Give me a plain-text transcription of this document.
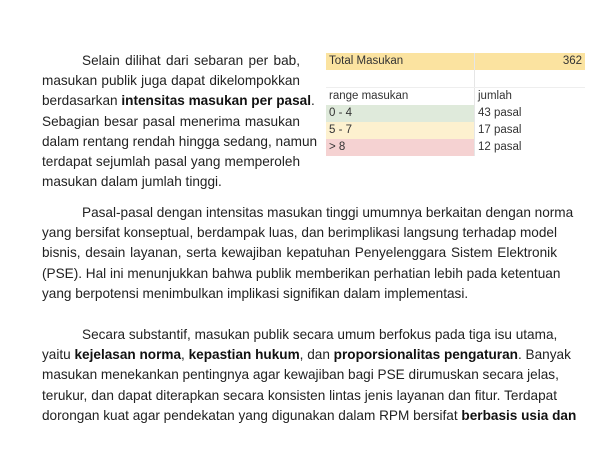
Selain dilihat dari sebaran per bab,
masukan publik juga dapat dikelompokkan
berdasarkan intensitas masukan per pasal.
Sebagian besar pasal menerima masukan
dalam rentang rendah hingga sedang, namun
terdapat sejumlah pasal yang memperoleh
masukan dalam jumlah tinggi.
Total Masukan	362
range masukan	jumlah
0 - 4	43 pasal
5 - 7	17 pasal
> 8	12 pasal
Pasal-pasal dengan intensitas masukan tinggi umumnya berkaitan dengan norma
yang bersifat konseptual, berdampak luas, dan berimplikasi langsung terhadap model
bisnis, desain layanan, serta kewajiban kepatuhan Penyelenggara Sistem Elektronik
(PSE). Hal ini menunjukkan bahwa publik memberikan perhatian lebih pada ketentuan
yang berpotensi menimbulkan implikasi signifikan dalam implementasi.
Secara substantif, masukan publik secara umum berfokus pada tiga isu utama,
yaitu kejelasan norma, kepastian hukum, dan proporsionalitas pengaturan. Banyak
masukan menekankan pentingnya agar kewajiban bagi PSE dirumuskan secara jelas,
terukur, dan dapat diterapkan secara konsisten lintas jenis layanan dan fitur. Terdapat
dorongan kuat agar pendekatan yang digunakan dalam RPM bersifat berbasis usia dan
